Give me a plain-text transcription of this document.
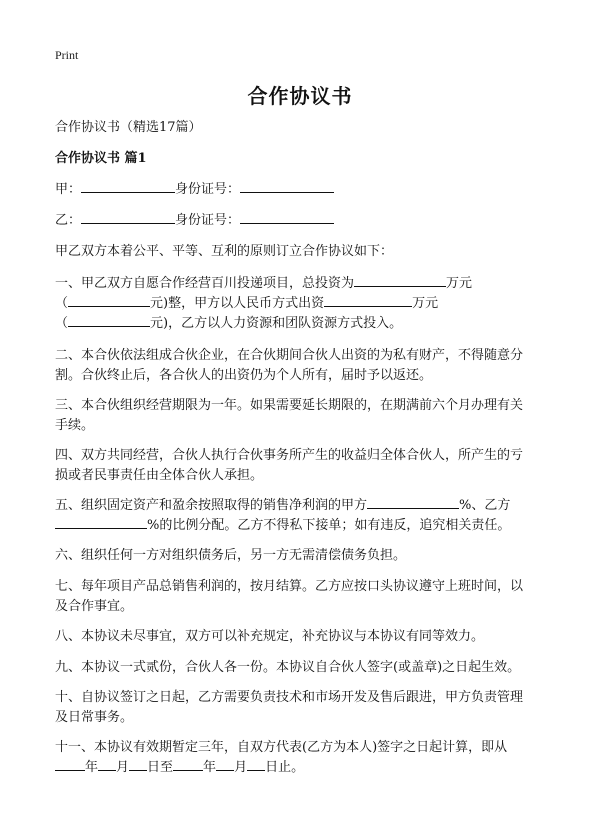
Print
合作协议书
合作协议书（精选17篇）
合作协议书 篇1
甲：	身份证号：
乙：	身份证号：
甲乙双方本着公平、平等、互利的原则订立合作协议如下：
一、甲乙双方自愿合作经营百川投递项目，总投资为	万元
（	元)整，甲方以人民币方式出资	万元
（	元)，乙方以人力资源和团队资源方式投入。
二、本合伙依法组成合伙企业，在合伙期间合伙人出资的为私有财产，不得随意分
割。合伙终止后，各合伙人的出资仍为个人所有，届时予以返还。
三、本合伙组织经营期限为一年。如果需要延长期限的，在期满前六个月办理有关
手续。
四、双方共同经营，合伙人执行合伙事务所产生的收益归全体合伙人，所产生的亏
损或者民事责任由全体合伙人承担。
五、组织固定资产和盈余按照取得的销售净利润的甲方	%、乙方
%的比例分配。乙方不得私下接单；如有违反，追究相关责任。
六、组织任何一方对组织债务后，另一方无需清偿债务负担。
七、每年项目产品总销售利润的，按月结算。乙方应按口头协议遵守上班时间，以
及合作事宜。
八、本协议未尽事宜，双方可以补充规定，补充协议与本协议有同等效力。
九、本协议一式贰份，合伙人各一份。本协议自合伙人签字(或盖章)之日起生效。
十、自协议签订之日起，乙方需要负责技术和市场开发及售后跟进，甲方负责管理
及日常事务。
十一、本协议有效期暂定三年，自双方代表(乙方为本人)签字之日起计算，即从
年 月 日至 年 月 日止。
